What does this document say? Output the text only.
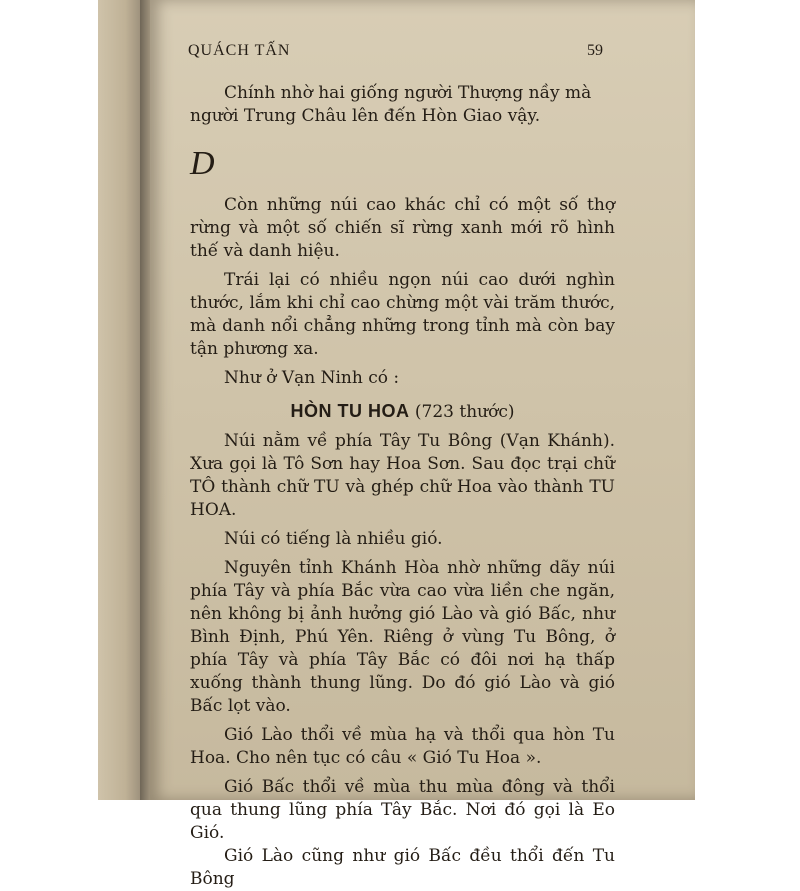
QUÁCH TẤN	59

Chính nhờ hai giống người Thượng nầy mà

người Trung Châu lên đến Hòn Giao vậy.

D

Còn những núi cao khác chỉ có một số thợ rừng và một số chiến sĩ rừng xanh mới rõ hình thế và danh hiệu.

Trái lại có nhiều ngọn núi cao dưới nghìn thước, lắm khi chỉ cao chừng một vài trăm thước, mà danh nổi chẳng những trong tỉnh mà còn bay tận phương xa.

Như ở Vạn Ninh có :

HÒN TU HOA (723 thước)

Núi nằm về phía Tây Tu Bông (Vạn Khánh). Xưa gọi là Tô Sơn hay Hoa Sơn. Sau đọc trại chữ TÔ thành chữ TU và ghép chữ Hoa vào thành TU HOA.

Núi có tiếng là nhiều gió.

Nguyên tỉnh Khánh Hòa nhờ những dãy núi phía Tây và phía Bắc vừa cao vừa liền che ngăn, nên không bị ảnh hưởng gió Lào và gió Bấc, như Bình Định, Phú Yên. Riêng ở vùng Tu Bông, ở phía Tây và phía Tây Bắc có đôi nơi hạ thấp xuống thành thung lũng. Do đó gió Lào và gió Bấc lọt vào.

Gió Lào thổi về mùa hạ và thổi qua hòn Tu Hoa. Cho nên tục có câu « Gió Tu Hoa ».

Gió Bấc thổi về mùa thu mùa đông và thổi qua thung lũng phía Tây Bắc. Nơi đó gọi là Eo Gió.

Gió Lào cũng như gió Bấc đều thổi đến Tu Bông
